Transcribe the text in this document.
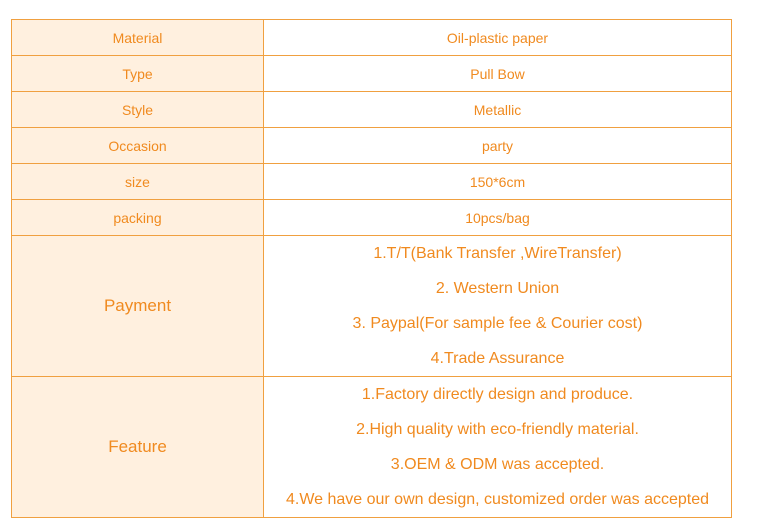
Material	Oil-plastic paper
Type	Pull Bow
Style	Metallic
Occasion	party
size	150*6cm
packing	10pcs/bag
Payment	1.T/T(Bank Transfer ,WireTransfer)
2. Western Union
3. Paypal(For sample fee & Courier cost)
4.Trade Assurance

Feature	1.Factory directly design and produce.
2.High quality with eco-friendly material.
3.OEM & ODM was accepted.
4.We have our own design, customized order was accepted
